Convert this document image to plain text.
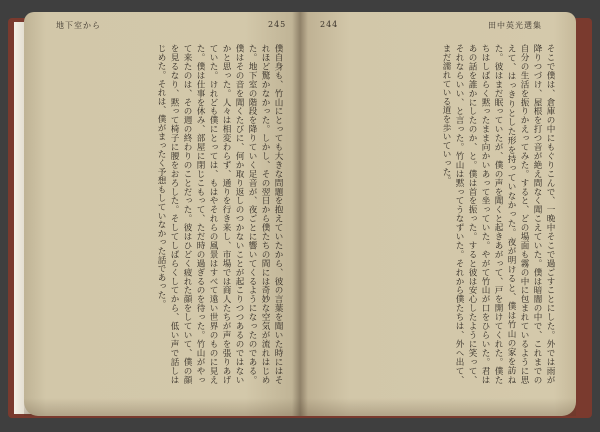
地下室から	245	244	田中英光選集
僕自身も、竹山にとっても大きな問題を抱えていたから、彼の言葉を聞いた時にはそれほど驚かなかった。しかし、その翌日から僕たちの間には奇妙な空気が流れはじめた。地下室の階段を降りていく足音が、夜ごとに響いてくるようになったのである。僕はその音を聞くたびに、何か取り返しのつかないことが起こりつつあるのではないかと思った。人々は相変わらず、通りを行き来し、市場では商人たちが声を張りあげていた。けれども僕にとっては、もはやそれらの風景はすべて遠い世界のものに見えた。僕は仕事を休み、部屋に閉じこもって、ただ時の過ぎるのを待った。竹山がやって来たのは、その週の終わりのことだった。彼はひどく疲れた顔をしていて、僕の顔を見るなり、黙って椅子に腰をおろした。そしてしばらくしてから、低い声で話しはじめた。それは、僕がまったく予想もしていなかった話であった。	そこで僕は、倉庫の中にもぐりこんで、一晩中そこで過ごすことにした。外では雨が降りつづけ、屋根を打つ音が絶え間なく聞こえていた。僕は暗闇の中で、これまでの自分の生活を振りかえってみた。すると、どの場面も霧の中に包まれているように思えて、はっきりとした形を持っていなかった。夜が明けると、僕は竹山の家を訪ねた。彼はまだ眠っていたが、僕の声を聞くと起きあがって、戸を開けてくれた。僕たちはしばらく黙ったまま向かいあって坐っていた。やがて竹山が口をひらいた。君はあの話を誰かにしたのか、と。僕は首を振った。すると彼は安心したように笑って、それならいい、と言った。竹山は黙ってうなずいた。それから僕たちは、外へ出て、まだ濡れている道を歩いていった。
